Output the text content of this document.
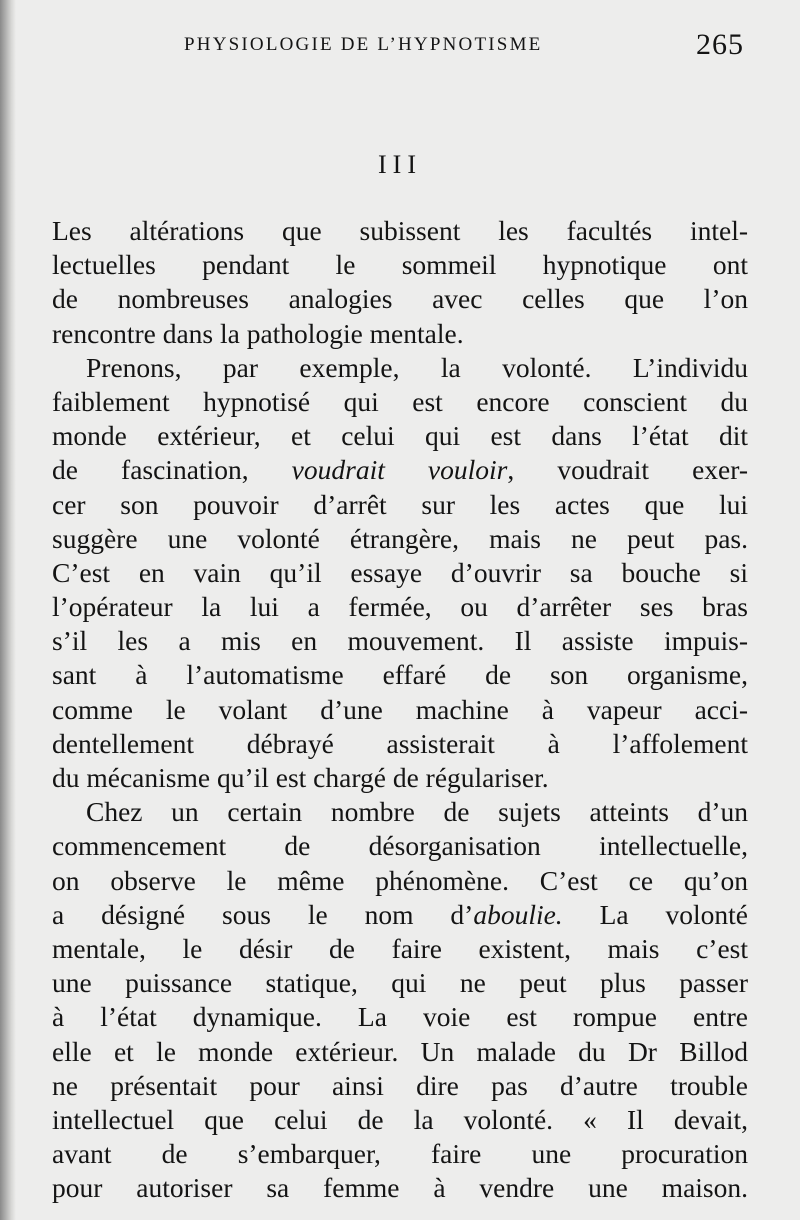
PHYSIOLOGIE DE L’HYPNOTISME	265
III
Les altérations que subissent les facultés intel-
lectuelles pendant le sommeil hypnotique ont
de nombreuses analogies avec celles que l’on
rencontre dans la pathologie mentale.
Prenons, par exemple, la volonté. L’individu
faiblement hypnotisé qui est encore conscient du
monde extérieur, et celui qui est dans l’état dit
de fascination, voudrait vouloir, voudrait exer-
cer son pouvoir d’arrêt sur les actes que lui
suggère une volonté étrangère, mais ne peut pas.
C’est en vain qu’il essaye d’ouvrir sa bouche si
l’opérateur la lui a fermée, ou d’arrêter ses bras
s’il les a mis en mouvement. Il assiste impuis-
sant à l’automatisme effaré de son organisme,
comme le volant d’une machine à vapeur acci-
dentellement débrayé assisterait à l’affolement
du mécanisme qu’il est chargé de régulariser.
Chez un certain nombre de sujets atteints d’un
commencement de désorganisation intellectuelle,
on observe le même phénomène. C’est ce qu’on
a désigné sous le nom d’aboulie. La volonté
mentale, le désir de faire existent, mais c’est
une puissance statique, qui ne peut plus passer
à l’état dynamique. La voie est rompue entre
elle et le monde extérieur. Un malade du Dr Billod
ne présentait pour ainsi dire pas d’autre trouble
intellectuel que celui de la volonté. « Il devait,
avant de s’embarquer, faire une procuration
pour autoriser sa femme à vendre une maison.
